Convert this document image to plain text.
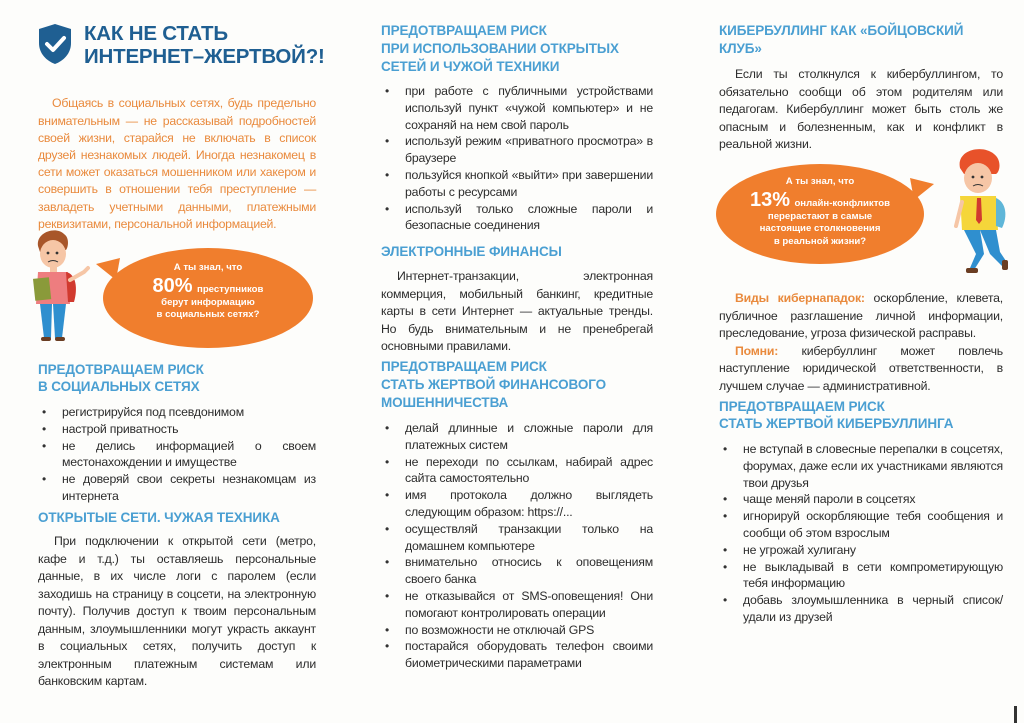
КАК НЕ СТАТЬ
ИНТЕРНЕТ–ЖЕРТВОЙ?!

Общаясь в социальных сетях, будь предельно внимательным — не рассказывай подробностей своей жизни, старайся не включать в список друзей незнакомых людей. Иногда незнакомец в сети может оказаться мошенником или хакером и совершить в отношении тебя преступление — завладеть учетными данными, платежными реквизитами, персональной информацией.

А ты знал, что
80% преступников
берут информацию
в социальных сетях?
ПРЕДОТВРАЩАЕМ РИСК
В СОЦИАЛЬНЫХ СЕТЯХ
• регистрируйся под псевдонимом
• настрой приватность
• не делись информацией о своем местонахождении и имуществе
• не доверяй свои секреты незнакомцам из интернета
ОТКРЫТЫЕ СЕТИ. ЧУЖАЯ ТЕХНИКА

При подключении к открытой сети (метро, кафе и т.д.) ты оставляешь персональные данные, в их числе логи с паролем (если заходишь на страницу в соцсети, на электронную почту). Получив доступ к твоим персональным данным, злоумышленники могут украсть аккаунт в социальных сетях, получить доступ к электронным платежным системам или банковским картам.

ПРЕДОТВРАЩАЕМ РИСК
ПРИ ИСПОЛЬЗОВАНИИ ОТКРЫТЫХ
СЕТЕЙ И ЧУЖОЙ ТЕХНИКИ
• при работе с публичными устройствами используй пункт «чужой компьютер» и не сохраняй на нем свой пароль
• используй режим «приватного просмотра» в браузере
• пользуйся кнопкой «выйти» при завершении работы с ресурсами
• используй только сложные пароли и безопасные соединения
ЭЛЕКТРОННЫЕ ФИНАНСЫ

Интернет-транзакции, электронная коммерция, мобильный банкинг, кредитные карты в сети Интернет — актуальные тренды. Но будь внимательным и не пренебрегай основными правилами.

ПРЕДОТВРАЩАЕМ РИСК
СТАТЬ ЖЕРТВОЙ ФИНАНСОВОГО
МОШЕННИЧЕСТВА
• делай длинные и сложные пароли для платежных систем
• не переходи по ссылкам, набирай адрес сайта самостоятельно
• имя протокола должно выглядеть следующим образом: https://...
• осуществляй транзакции только на домашнем компьютере
• внимательно относись к оповещениям своего банка
• не отказывайся от SMS-оповещения! Они помогают контролировать операции
• по возможности не отключай GPS
• постарайся оборудовать телефон своими биометрическими параметрами
КИБЕРБУЛЛИНГ КАК «БОЙЦОВСКИЙ
КЛУБ»

Если ты столкнулся к кибербуллингом, то обязательно сообщи об этом родителям или педагогам. Кибербуллинг может быть столь же опасным и болезненным, как и конфликт в реальной жизни.

А ты знал, что
13% онлайн-конфликтов
перерастают в самые
настоящие столкновения
в реальной жизни?

Виды кибернападок: оскорбление, клевета, публичное разглашение личной информации, преследование, угроза физической расправы.

Помни: кибербуллинг может повлечь наступление юридической ответственности, в лучшем случае — административной.

ПРЕДОТВРАЩАЕМ РИСК
СТАТЬ ЖЕРТВОЙ КИБЕРБУЛЛИНГА
• не вступай в словесные перепалки в соцсетях, форумах, даже если их участниками являются твои друзья
• чаще меняй пароли в соцсетях
• игнорируй оскорбляющие тебя сообщения и сообщи об этом взрослым
• не угрожай хулигану
• не выкладывай в сети компрометирующую тебя информацию
• добавь злоумышленника в черный список/ удали из друзей
